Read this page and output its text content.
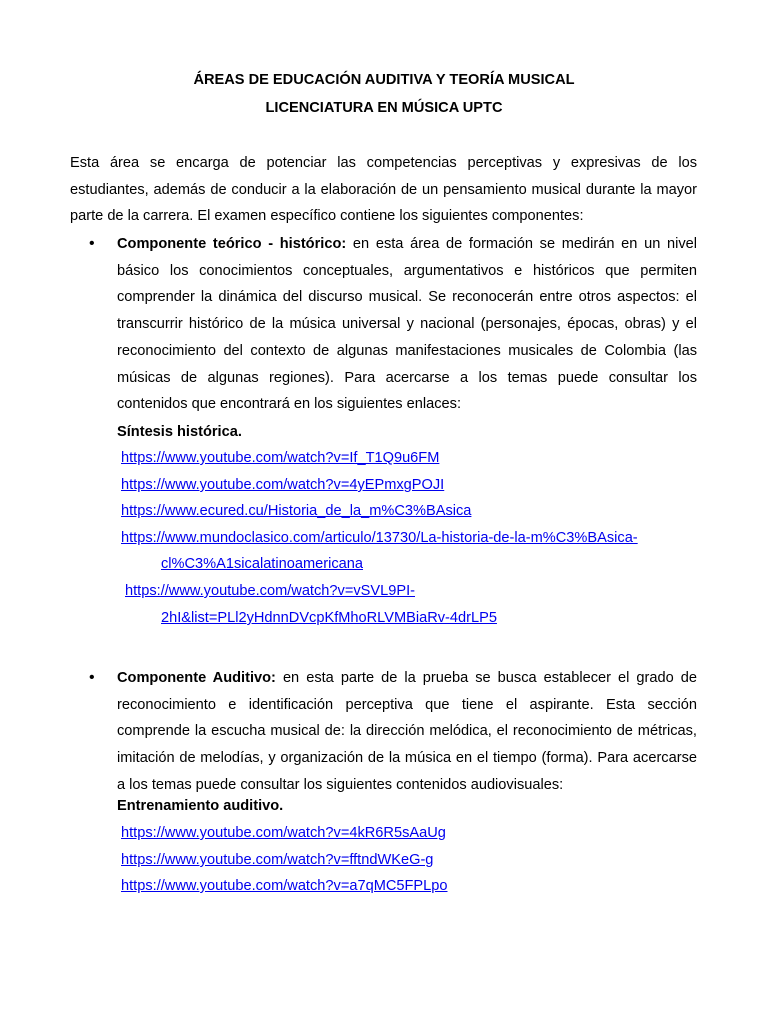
ÁREAS DE EDUCACIÓN AUDITIVA Y TEORÍA MUSICAL
LICENCIATURA EN MÚSICA UPTC
Esta área se encarga de potenciar las competencias perceptivas y expresivas de los estudiantes, además de conducir a la elaboración de un pensamiento musical durante la mayor parte de la carrera. El examen específico contiene los siguientes componentes:
• Componente teórico - histórico: en esta área de formación se medirán en un nivel básico los conocimientos conceptuales, argumentativos e históricos que permiten comprender la dinámica del discurso musical. Se reconocerán entre otros aspectos: el transcurrir histórico de la música universal y nacional (personajes, épocas, obras) y el reconocimiento del contexto de algunas manifestaciones musicales de Colombia (las músicas de algunas regiones). Para acercarse a los temas puede consultar los contenidos que encontrará en los siguientes enlaces:
Síntesis histórica.
https://www.youtube.com/watch?v=If_T1Q9u6FM
https://www.youtube.com/watch?v=4yEPmxgPOJI
https://www.ecured.cu/Historia_de_la_m%C3%BAsica
https://www.mundoclasico.com/articulo/13730/La-historia-de-la-m%C3%BAsica-
cl%C3%A1sicalatinoamericana
https://www.youtube.com/watch?v=vSVL9PI-
2hI&list=PLl2yHdnnDVcpKfMhoRLVMBiaRv-4drLP5
• Componente Auditivo: en esta parte de la prueba se busca establecer el grado de reconocimiento e identificación perceptiva que tiene el aspirante. Esta sección comprende la escucha musical de: la dirección melódica, el reconocimiento de métricas, imitación de melodías, y organización de la música en el tiempo (forma). Para acercarse a los temas puede consultar los siguientes contenidos audiovisuales:
Entrenamiento auditivo.
https://www.youtube.com/watch?v=4kR6R5sAaUg
https://www.youtube.com/watch?v=fftndWKeG-g
https://www.youtube.com/watch?v=a7qMC5FPLpo
